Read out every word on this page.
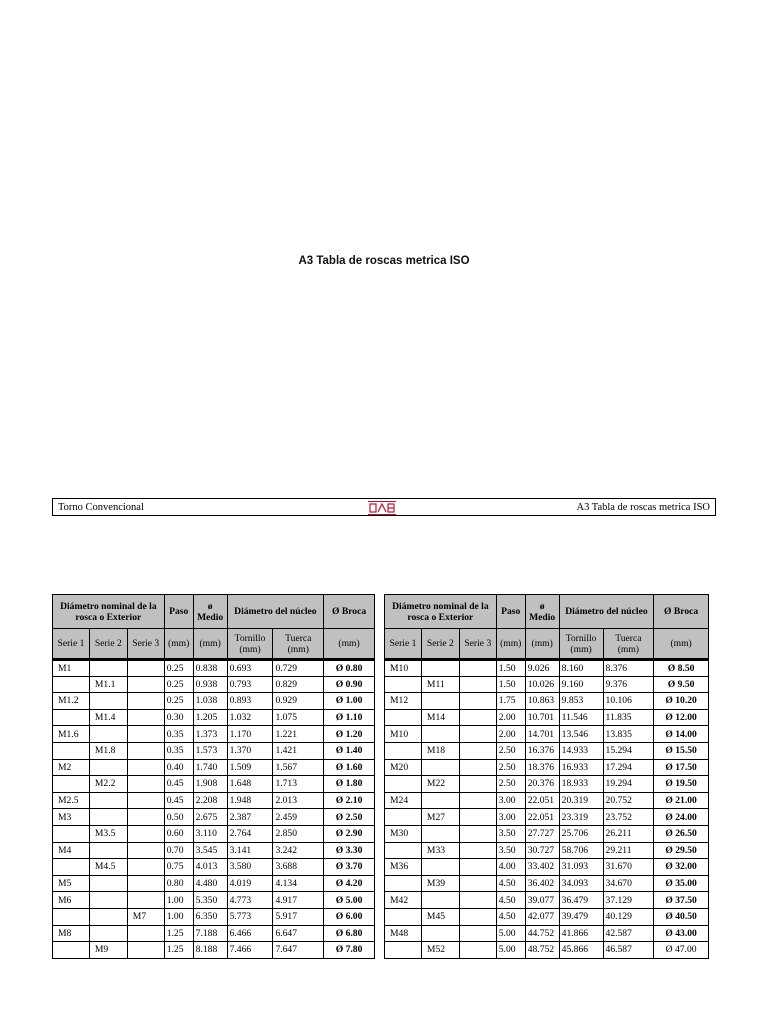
A3 Tabla de roscas metrica ISO
Torno Convencional	A3 Tabla de roscas metrica ISO
Diámetro nominal de la rosca o Exterior			Paso	ø Medio	Diámetro del núcleo		Ø Broca
Serie 1	Serie 2	Serie 3	(mm)	(mm)	Tornillo (mm)	Tuerca (mm)	(mm)
M1			0.25	0.838	0.693	0.729	Ø 0.80
	M1.1		0.25	0.938	0.793	0.829	Ø 0.90
M1.2			0.25	1.038	0.893	0.929	Ø 1.00
	M1.4		0.30	1.205	1.032	1.075	Ø 1.10
M1.6			0.35	1.373	1.170	1.221	Ø 1.20
	M1.8		0.35	1.573	1.370	1.421	Ø 1.40
M2			0.40	1.740	1.509	1.567	Ø 1.60
	M2.2		0.45	1.908	1.648	1.713	Ø 1.80
M2.5			0.45	2.208	1.948	2.013	Ø 2.10
M3			0.50	2.675	2.387	2.459	Ø 2.50
	M3.5		0.60	3.110	2.764	2.850	Ø 2.90
M4			0.70	3.545	3.141	3.242	Ø 3.30
	M4.5		0.75	4.013	3.580	3.688	Ø 3.70
M5			0.80	4.480	4.019	4.134	Ø 4.20
M6			1.00	5.350	4.773	4.917	Ø 5.00
		M7	1.00	6.350	5.773	5.917	Ø 6.00
M8			1.25	7.188	6.466	6.647	Ø 6.80
	M9		1.25	8.188	7.466	7.647	Ø 7.80
Diámetro nominal de la rosca o Exterior			Paso	ø Medio	Diámetro del núcleo		Ø Broca
Serie 1	Serie 2	Serie 3	(mm)	(mm)	Tornillo (mm)	Tuerca (mm)	(mm)
M10			1.50	9.026	8.160	8.376	Ø 8.50
	M11		1.50	10.026	9.160	9.376	Ø 9.50
M12			1.75	10.863	9.853	10.106	Ø 10.20
	M14		2.00	10.701	11.546	11.835	Ø 12.00
M10			2.00	14.701	13.546	13.835	Ø 14.00
	M18		2.50	16.376	14.933	15.294	Ø 15.50
M20			2.50	18.376	16.933	17.294	Ø 17.50
	M22		2.50	20.376	18.933	19.294	Ø 19.50
M24			3.00	22.051	20.319	20.752	Ø 21.00
	M27		3.00	22.051	23.319	23.752	Ø 24.00
M30			3.50	27.727	25.706	26.211	Ø 26.50
	M33		3.50	30.727	58.706	29.211	Ø 29.50
M36			4.00	33.402	31.093	31.670	Ø 32.00
	M39		4.50	36.402	34.093	34.670	Ø 35.00
M42			4.50	39.077	36.479	37.129	Ø 37.50
	M45		4.50	42.077	39.479	40.129	Ø 40.50
M48			5.00	44.752	41.866	42.587	Ø 43.00
	M52		5.00	48.752	45.866	46.587	Ø 47.00
